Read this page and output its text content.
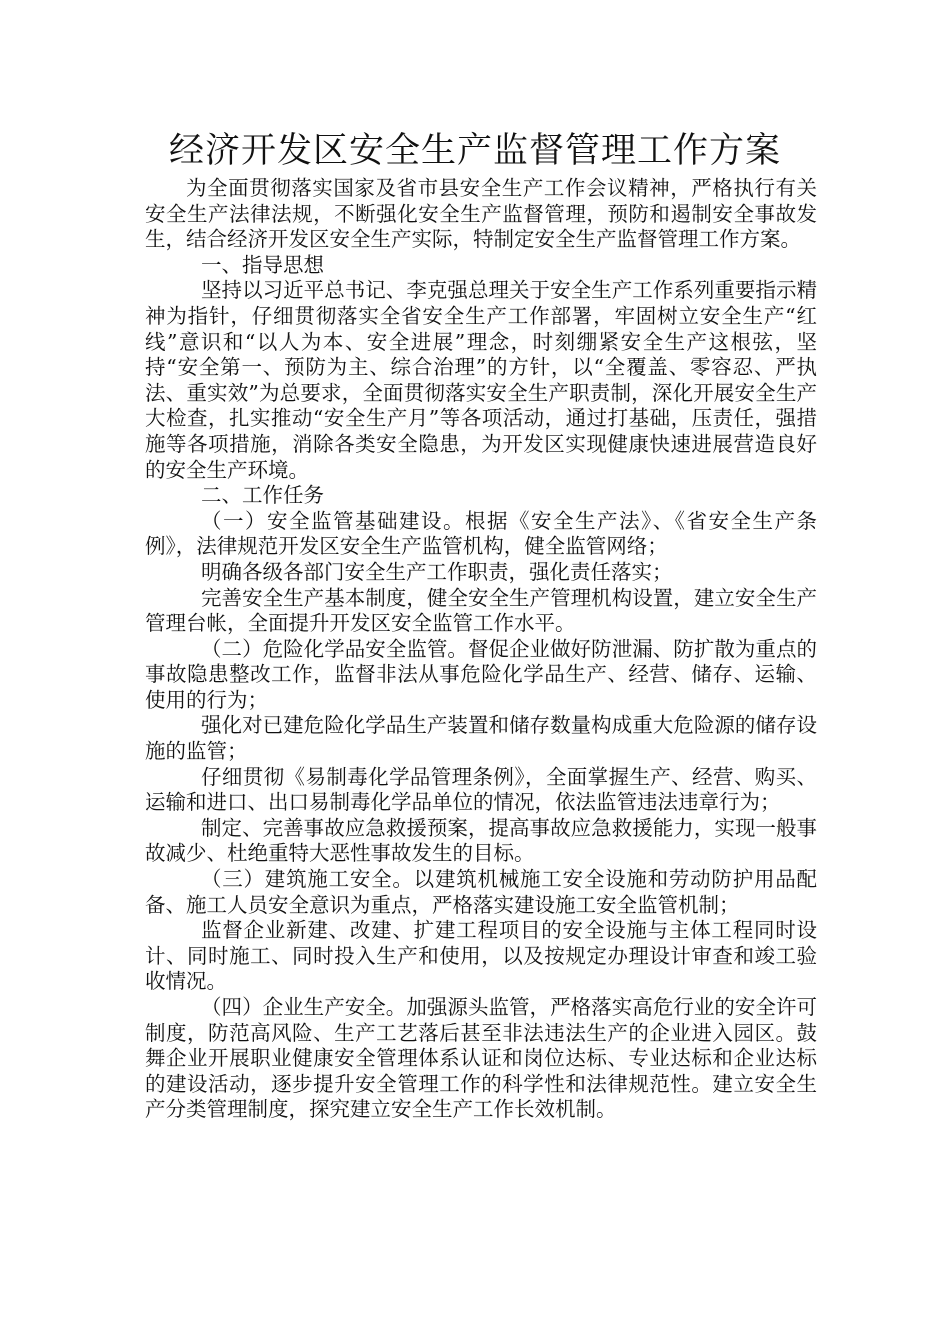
经济开发区安全生产监督管理工作方案

为全面贯彻落实国家及省市县安全生产工作会议精神，严格执行有关安全生产法律法规，不断强化安全生产监督管理，预防和遏制安全事故发生，结合经济开发区安全生产实际，特制定安全生产监督管理工作方案。

一、指导思想

坚持以习近平总书记、李克强总理关于安全生产工作系列重要指示精神为指针，仔细贯彻落实全省安全生产工作部署，牢固树立安全生产“红线”意识和“以人为本、安全进展”理念，时刻绷紧安全生产这根弦，坚持“安全第一、预防为主、综合治理”的方针，以“全覆盖、零容忍、严执法、重实效”为总要求，全面贯彻落实安全生产职责制，深化开展安全生产大检查，扎实推动“安全生产月”等各项活动，通过打基础，压责任，强措施等各项措施，消除各类安全隐患，为开发区实现健康快速进展营造良好的安全生产环境。

二、工作任务

（一）安全监管基础建设。根据《安全生产法》、《省安全生产条例》，法律规范开发区安全生产监管机构，健全监管网络；

明确各级各部门安全生产工作职责，强化责任落实；

完善安全生产基本制度，健全安全生产管理机构设置，建立安全生产管理台帐，全面提升开发区安全监管工作水平。

（二）危险化学品安全监管。督促企业做好防泄漏、防扩散为重点的事故隐患整改工作，监督非法从事危险化学品生产、经营、储存、运输、使用的行为；

强化对已建危险化学品生产装置和储存数量构成重大危险源的储存设施的监管；

仔细贯彻《易制毒化学品管理条例》，全面掌握生产、经营、购买、运输和进口、出口易制毒化学品单位的情况，依法监管违法违章行为；

制定、完善事故应急救援预案，提高事故应急救援能力，实现一般事故减少、杜绝重特大恶性事故发生的目标。

（三）建筑施工安全。以建筑机械施工安全设施和劳动防护用品配备、施工人员安全意识为重点，严格落实建设施工安全监管机制；

监督企业新建、改建、扩建工程项目的安全设施与主体工程同时设计、同时施工、同时投入生产和使用，以及按规定办理设计审查和竣工验收情况。

（四）企业生产安全。加强源头监管，严格落实高危行业的安全许可制度，防范高风险、生产工艺落后甚至非法违法生产的企业进入园区。鼓舞企业开展职业健康安全管理体系认证和岗位达标、专业达标和企业达标的建设活动，逐步提升安全管理工作的科学性和法律规范性。建立安全生产分类管理制度，探究建立安全生产工作长效机制。
